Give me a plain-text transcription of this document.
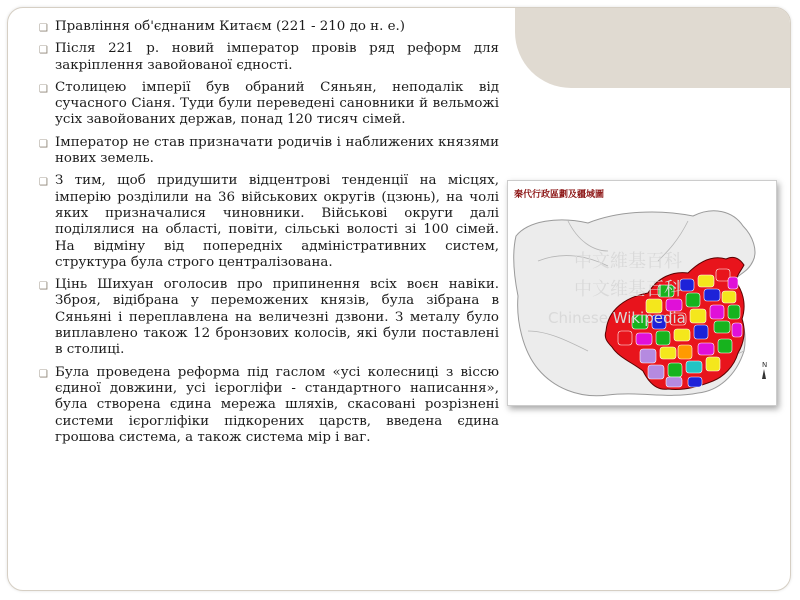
❑ Правління об'єднаним Китаєм (221 - 210 до н. е.)

❑ Після 221 р. новий імператор провів ряд реформ для закріплення завойованої єдності.

❑ Столицею імперії був обраний Сяньян, неподалік від сучасного Сіаня. Туди були переведені сановники й вельможі усіх завойованих держав, понад 120 тисяч сімей.

❑ Імператор не став призначати родичів і наближених князями нових земель.

❑ З тим, щоб придушити відцентрові тенденції на місцях, імперію розділили на 36 військових округів (цзюнь), на чолі яких призначалися чиновники. Військові округи далі поділялися на області, повіти, сільські волості зі 100 сімей. На відміну від попередніх адміністративних систем, структура була строго централізована.

❑ Цінь Шихуан оголосив про припинення всіх воєн навіки. Зброя, відібрана у переможених князів, була зібрана в Сяньяні і переплавлена на величезні дзвони. З металу було виплавлено також 12 бронзових колосів, які були поставлені в столиці.

❑ Була проведена реформа під гаслом «усі колесниці з віссю єдиної довжини, усі ієрогліфи - стандартного написання», була створена єдина мережа шляхів, скасовані розрізнені системи ієрогліфіки підкорених царств, введена єдина грошова система, а також система мір і ваг.

中文維基百科
中文维基百科
Chinese Wikipedia
N
秦代行政區劃及疆域圖
